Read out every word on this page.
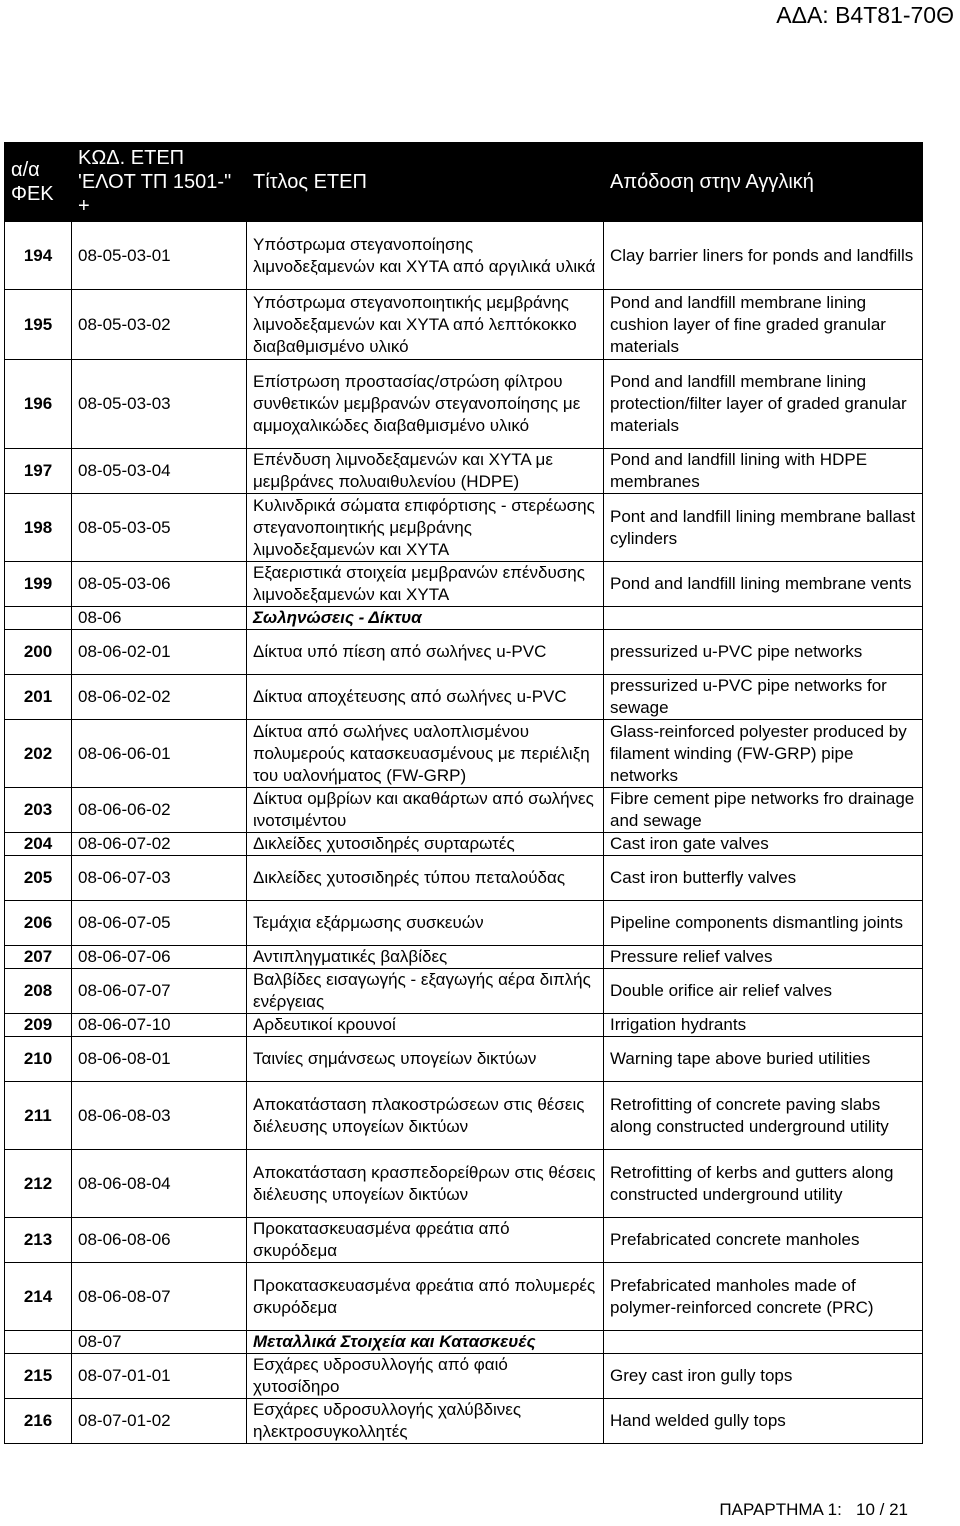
ΑΔΑ: Β4Τ81-70Θ
α/α ΦΕΚ	ΚΩΔ. ΕΤΕΠ 'ΕΛΟΤ ΤΠ 1501-" +	Τίτλος ΕΤΕΠ	Απόδοση στην Αγγλική
194	08-05-03-01	Υπόστρωμα στεγανοποίησης λιμνοδεξαμενών και ΧΥΤΑ από αργιλικά υλικά	Clay barrier liners for ponds and landfills
195	08-05-03-02	Υπόστρωμα στεγανοποιητικής μεμβράνης λιμνοδεξαμενών και ΧΥΤΑ από λεπτόκοκκο διαβαθμισμένο υλικό	Pond and landfill membrane lining cushion layer of fine graded granular materials
196	08-05-03-03	Επίστρωση προστασίας/στρώση φίλτρου συνθετικών μεμβρανών στεγανοποίησης με αμμοχαλικώδες διαβαθμισμένο υλικό	Pond and landfill membrane lining protection/filter layer of graded granular materials
197	08-05-03-04	Επένδυση λιμνοδεξαμενών και ΧΥΤΑ με μεμβράνες πολυαιθυλενίου (HDPE)	Pond and landfill lining with HDPE membranes
198	08-05-03-05	Κυλινδρικά σώματα επιφόρτισης - στερέωσης στεγανοποιητικής μεμβράνης λιμνοδεξαμενών και ΧΥΤΑ	Pont and landfill lining membrane ballast cylinders
199	08-05-03-06	Εξαεριστικά στοιχεία μεμβρανών επένδυσης λιμνοδεξαμενών και ΧΥΤΑ	Pond and landfill lining membrane vents
	08-06	Σωληνώσεις - Δίκτυα	
200	08-06-02-01	Δίκτυα υπό πίεση από σωλήνες u-PVC	pressurized u-PVC pipe networks
201	08-06-02-02	Δίκτυα αποχέτευσης από σωλήνες u-PVC	pressurized u-PVC pipe networks for sewage
202	08-06-06-01	Δίκτυα από σωλήνες υαλοπλισμένου πολυμερούς κατασκευασμένους με περιέλιξη του υαλονήματος (FW-GRP)	Glass-reinforced polyester produced by filament winding (FW-GRP) pipe networks
203	08-06-06-02	Δίκτυα ομβρίων και ακαθάρτων από σωλήνες ινοτσιμέντου	Fibre cement pipe networks fro drainage and sewage
204	08-06-07-02	Δικλείδες χυτοσιδηρές συρταρωτές	Cast iron gate valves
205	08-06-07-03	Δικλείδες χυτοσιδηρές τύπου πεταλούδας	Cast iron butterfly valves
206	08-06-07-05	Τεμάχια εξάρμωσης συσκευών	Pipeline components dismantling joints
207	08-06-07-06	Αντιπληγματικές βαλβίδες	Pressure relief valves
208	08-06-07-07	Βαλβίδες εισαγωγής - εξαγωγής αέρα διπλής ενέργειας	Double orifice air relief valves
209	08-06-07-10	Αρδευτικοί κρουνοί	Irrigation hydrants
210	08-06-08-01	Ταινίες σημάνσεως υπογείων δικτύων	Warning tape above buried utilities
211	08-06-08-03	Αποκατάσταση πλακοστρώσεων στις θέσεις διέλευσης υπογείων δικτύων	Retrofitting of concrete paving slabs along constructed underground utility
212	08-06-08-04	Αποκατάσταση κρασπεδορείθρων στις θέσεις διέλευσης υπογείων δικτύων	Retrofitting of kerbs and gutters along constructed underground utility
213	08-06-08-06	Προκατασκευασμένα φρεάτια από σκυρόδεμα	Prefabricated concrete manholes
214	08-06-08-07	Προκατασκευασμένα φρεάτια από πολυμερές σκυρόδεμα	Prefabricated manholes made of polymer-reinforced concrete (PRC)
	08-07	Μεταλλικά Στοιχεία και Κατασκευές	
215	08-07-01-01	Εσχάρες υδροσυλλογής από φαιό χυτοσίδηρο	Grey cast iron gully tops
216	08-07-01-02	Εσχάρες υδροσυλλογής χαλύβδινες ηλεκτροσυγκολλητές	Hand welded gully tops
ΠΑΡΑΡΤΗΜΑ 1: 10 / 21
